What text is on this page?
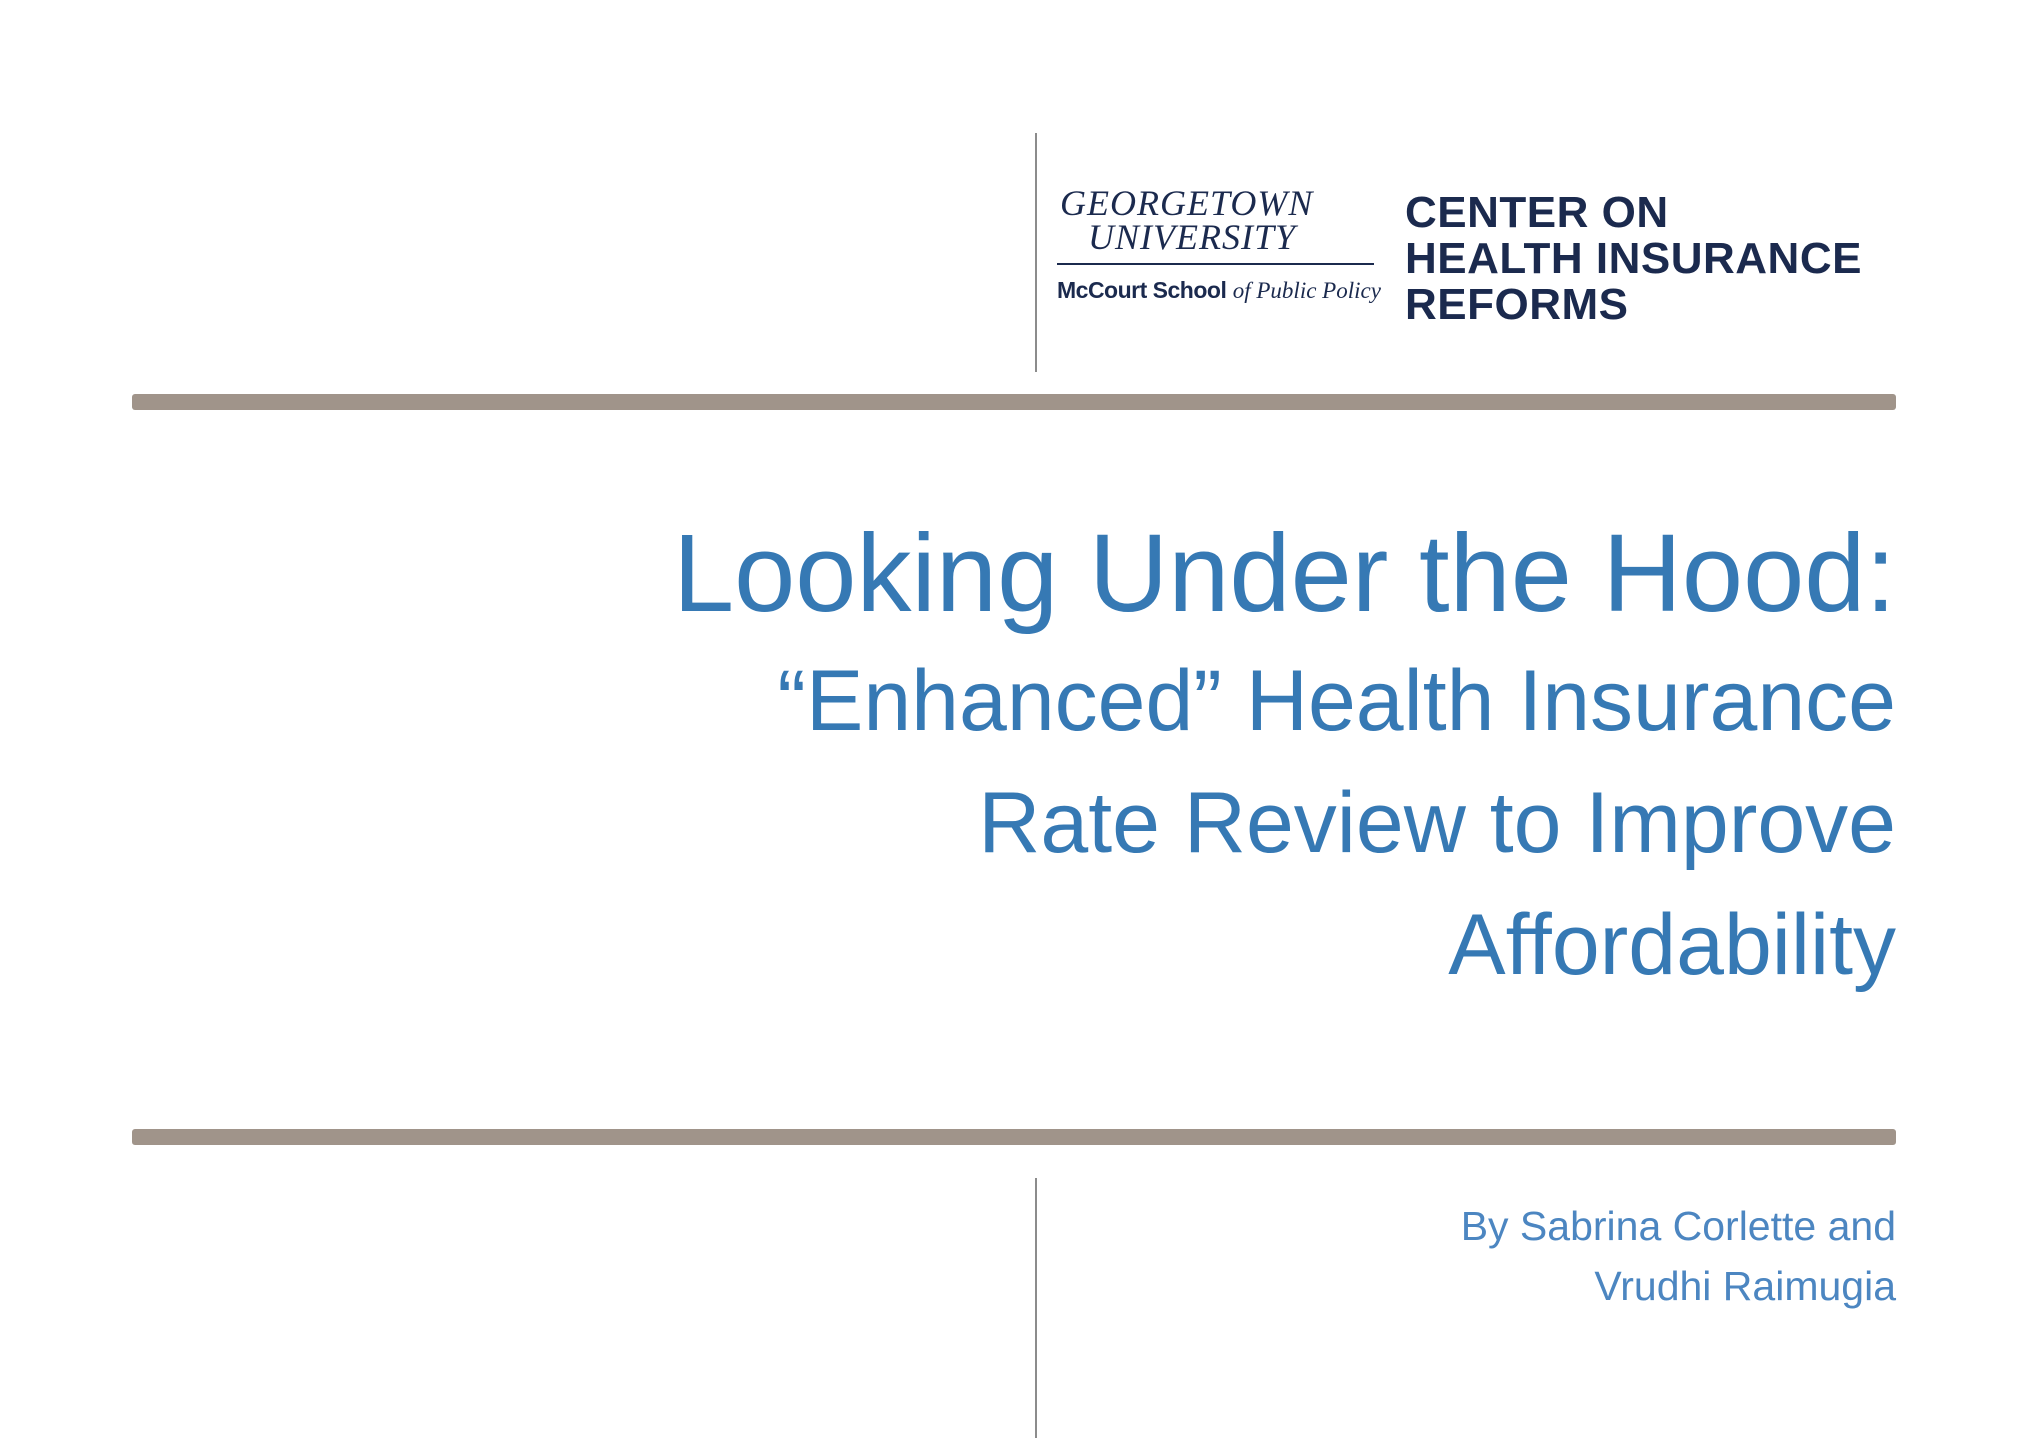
GEORGETOWN
UNIVERSITY
McCourt School of Public Policy
CENTER ON
HEALTH INSURANCE
REFORMS
Looking Under the Hood:
“Enhanced” Health Insurance
Rate Review to Improve
Affordability
By Sabrina Corlette and
Vrudhi Raimugia
